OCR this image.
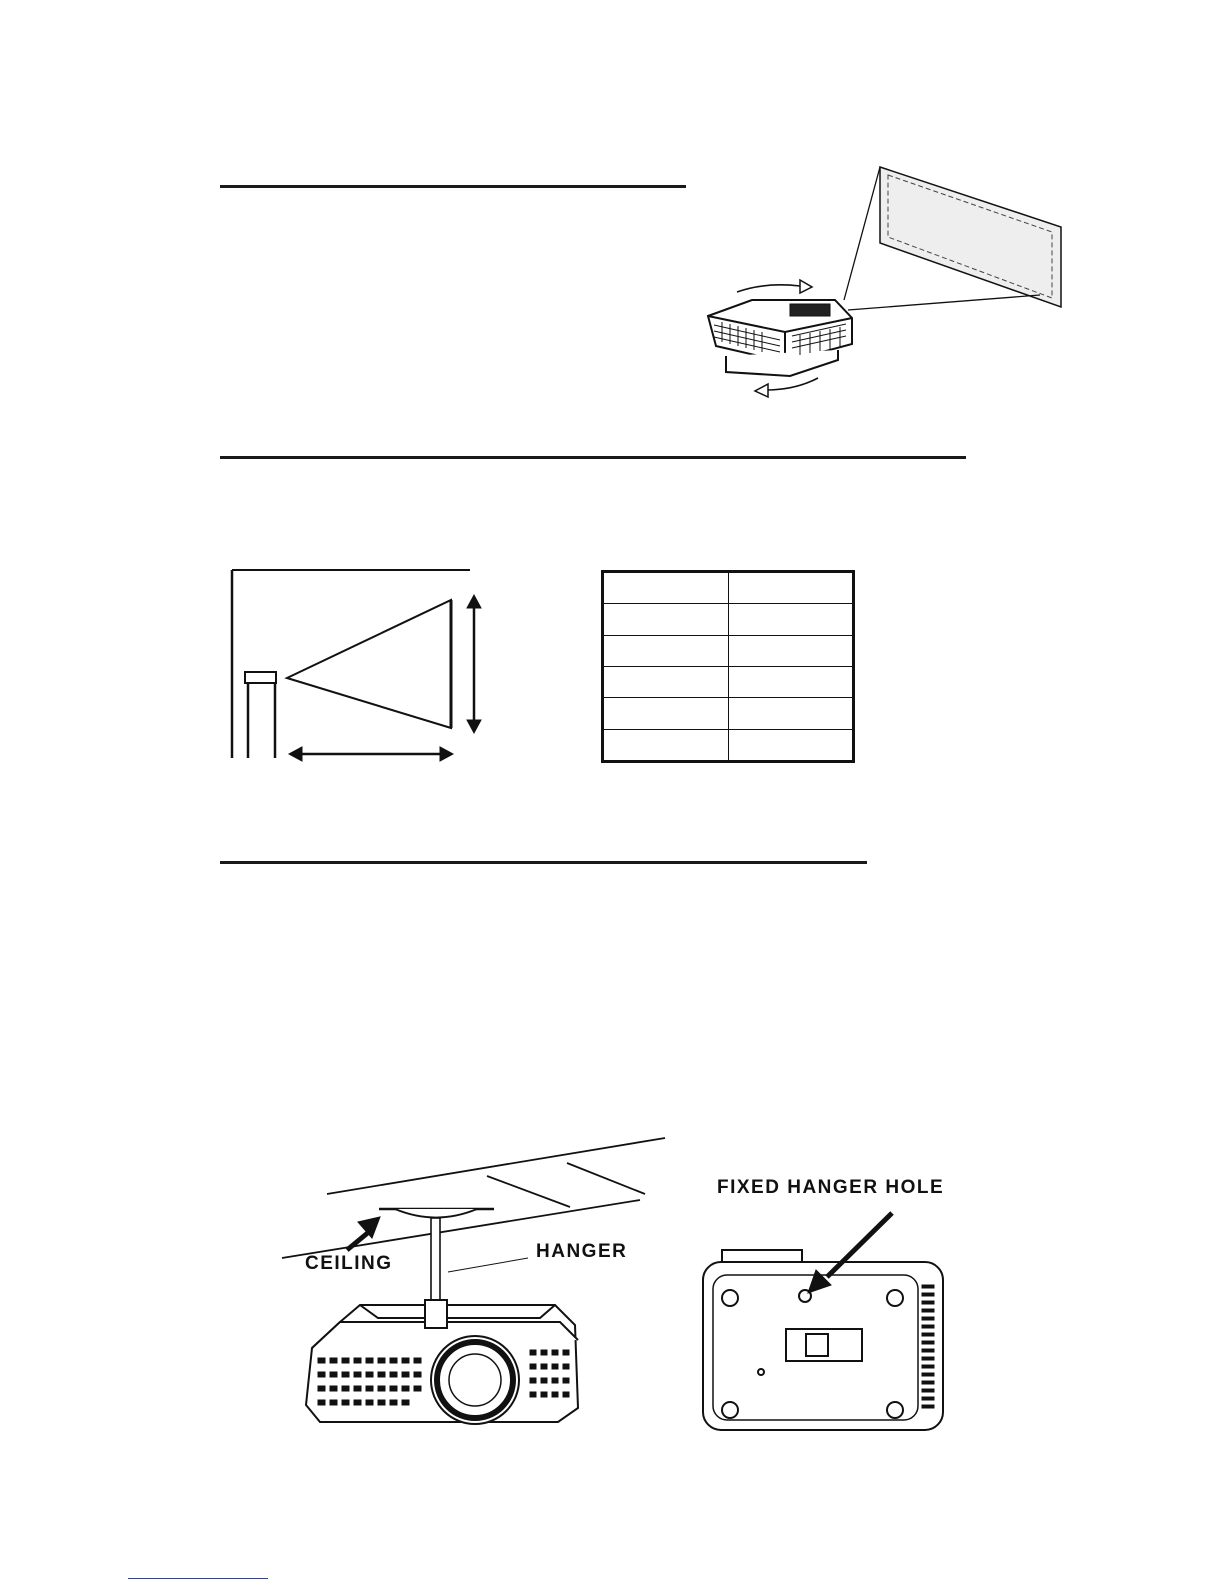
FIXED HANGER HOLE
CEILING
HANGER
